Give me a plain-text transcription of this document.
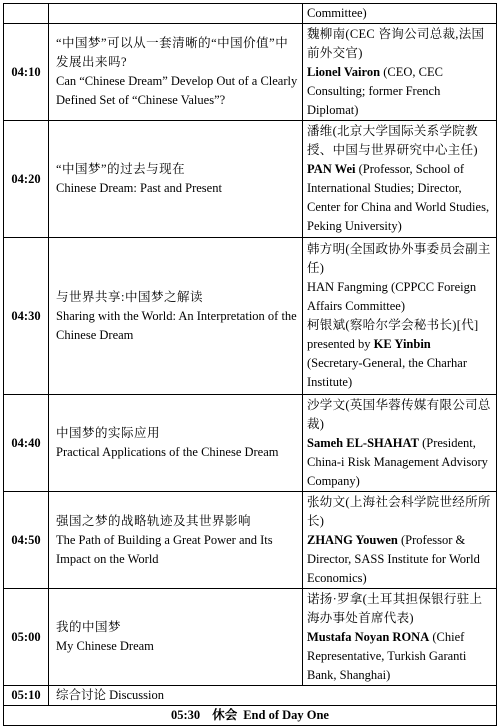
		Committee)
04:10	“中国梦”可以从一套清晰的“中国价值”中发展出来吗?
Can “Chinese Dream” Develop Out of a Clearly Defined Set of “Chinese Values”?	魏柳南(CEC 咨询公司总裁,法国前外交官)
Lionel Vairon (CEO, CEC Consulting; former French Diplomat)

04:20	“中国梦”的过去与现在
Chinese Dream: Past and Present	潘维(北京大学国际关系学院教授、中国与世界研究中心主任)
PAN Wei (Professor, School of International Studies; Director, Center for China and World Studies, Peking University)

04:30	与世界共享:中国梦之解读
Sharing with the World: An Interpretation of the Chinese Dream	韩方明(全国政协外事委员会副主任)
HAN Fangming (CPPCC Foreign Affairs Committee)
柯银斌(察哈尔学会秘书长)[代]
presented by KE Yinbin
(Secretary-General, the Charhar Institute)

04:40	中国梦的实际应用
Practical Applications of the Chinese Dream	沙学文(英国华蓉传媒有限公司总裁)
Sameh EL-SHAHAT (President, China-i Risk Management Advisory Company)

04:50	强国之梦的战略轨迹及其世界影响
The Path of Building a Great Power and Its Impact on the World	张幼文(上海社会科学院世经所所长)
ZHANG Youwen (Professor & Director, SASS Institute for World Economics)

05:00	我的中国梦
My Chinese Dream	诺扬·罗拿(土耳其担保银行驻上海办事处首席代表)
Mustafa Noyan RONA (Chief Representative, Turkish Garanti Bank, Shanghai)

05:10	综合讨论 Discussion	
05:30 休会 End of Day One		
